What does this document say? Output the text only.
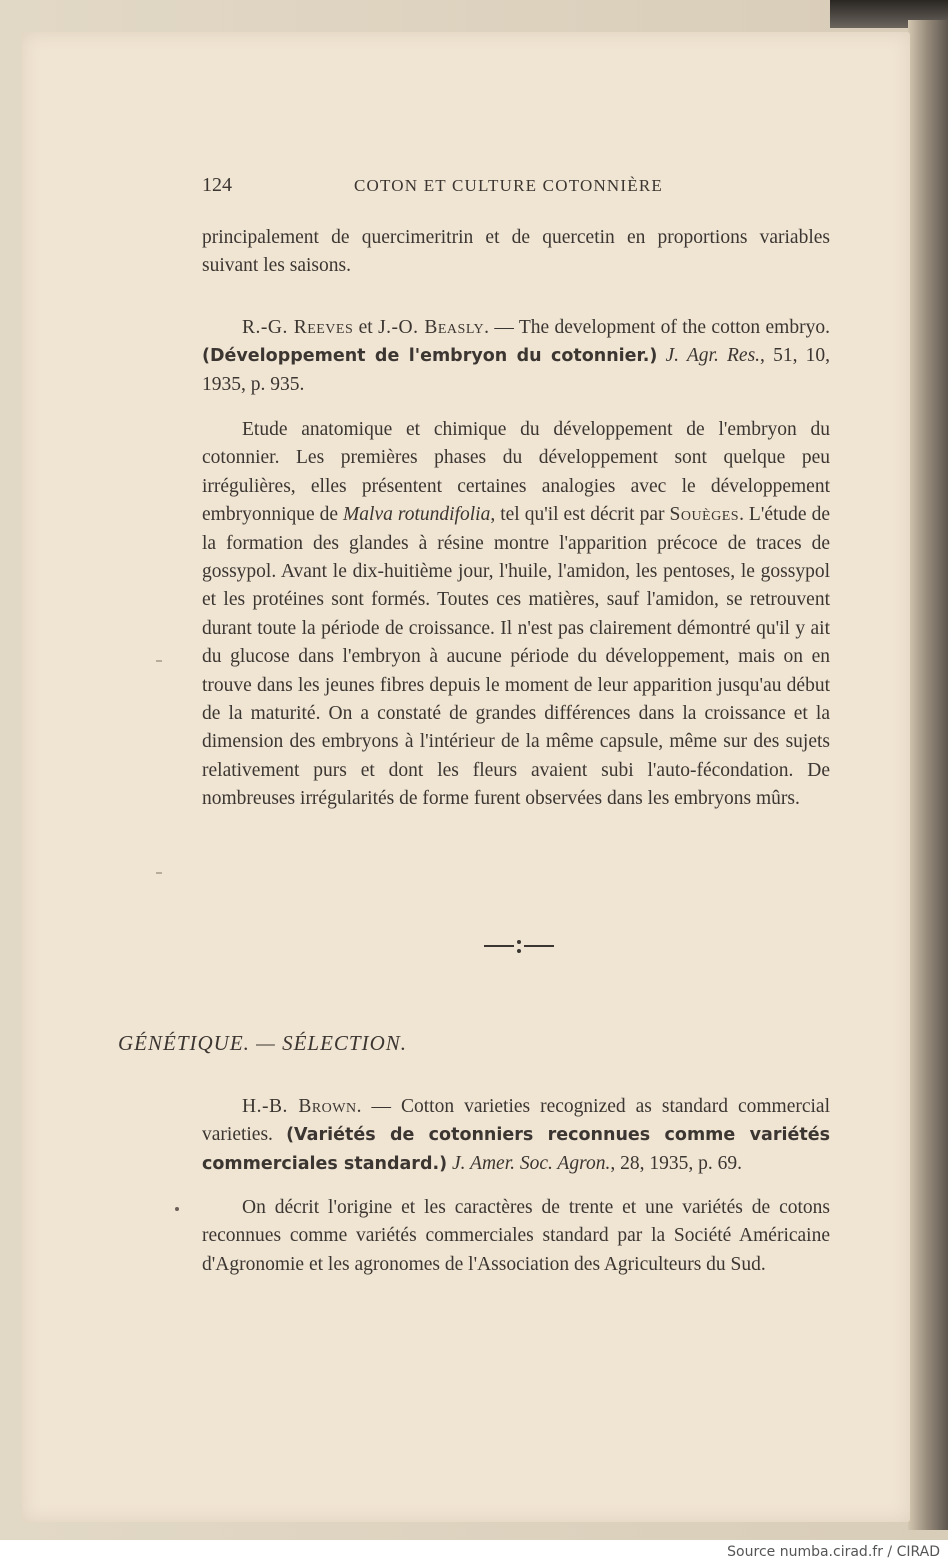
124	COTON ET CULTURE COTONNIÈRE

principalement de quercimeritrin et de quercetin en proportions variables suivant les saisons.

R.-G. Reeves et J.-O. Beasly. — The development of the cotton embryo. (Développement de l'embryon du cotonnier.) J. Agr. Res., 51, 10, 1935, p. 935.

Etude anatomique et chimique du développement de l'embryon du cotonnier. Les premières phases du développement sont quelque peu irrégulières, elles présentent certaines analogies avec le développement embryonnique de Malva rotundifolia, tel qu'il est décrit par Souèges. L'étude de la formation des glandes à résine montre l'apparition précoce de traces de gossypol. Avant le dix-huitième jour, l'huile, l'amidon, les pentoses, le gossypol et les protéines sont formés. Toutes ces matières, sauf l'amidon, se retrouvent durant toute la période de croissance. Il n'est pas clairement démontré qu'il y ait du glucose dans l'embryon à aucune période du développement, mais on en trouve dans les jeunes fibres depuis le moment de leur apparition jusqu'au début de la maturité. On a constaté de grandes différences dans la croissance et la dimension des embryons à l'intérieur de la même capsule, même sur des sujets relativement purs et dont les fleurs avaient subi l'auto-fécondation. De nombreuses irrégularités de forme furent observées dans les embryons mûrs.

GÉNÉTIQUE. — SÉLECTION.

H.-B. Brown. — Cotton varieties recognized as standard commercial varieties. (Variétés de cotonniers reconnues comme variétés commerciales standard.) J. Amer. Soc. Agron., 28, 1935, p. 69.

On décrit l'origine et les caractères de trente et une variétés de cotons reconnues comme variétés commerciales standard par la Société Américaine d'Agronomie et les agronomes de l'Association des Agriculteurs du Sud.

Source numba.cirad.fr / CIRAD
